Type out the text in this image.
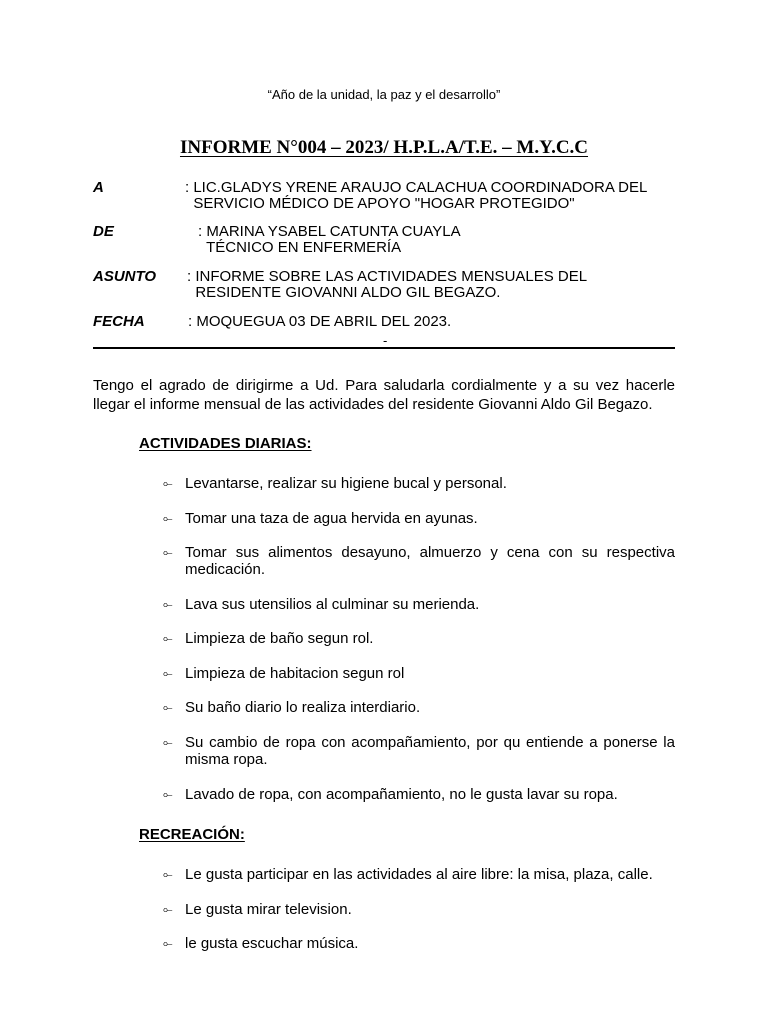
“Año de la unidad, la paz y el desarrollo”
INFORME N°004 – 2023/ H.P.L.A/T.E. – M.Y.C.C
A	: LIC.GLADYS YRENE ARAUJO CALACHUA COORDINADORA DEL
SERVICIO MÉDICO DE APOYO "HOGAR PROTEGIDO"
DE	: MARINA YSABEL CATUNTA CUAYLA
TÉCNICO EN ENFERMERÍA
ASUNTO : INFORME SOBRE LAS ACTIVIDADES MENSUALES DEL
RESIDENTE GIOVANNI ALDO GIL BEGAZO.
FECHA	: MOQUEGUA 03 DE ABRIL DEL 2023.
-
Tengo el agrado de dirigirme a Ud. Para saludarla cordialmente y a su vez hacerle llegar el informe mensual de las actividades del residente Giovanni Aldo Gil Begazo.
ACTIVIDADES DIARIAS:
⟜ Levantarse, realizar su higiene bucal y personal.
⟜ Tomar una taza de agua hervida en ayunas.
⟜ Tomar sus alimentos desayuno, almuerzo y cena con su respectiva medicación.
⟜ Lava sus utensilios al culminar su merienda.
⟜ Limpieza de baño segun rol.
⟜ Limpieza de habitacion segun rol
⟜ Su baño diario lo realiza interdiario.
⟜ Su cambio de ropa con acompañamiento, por qu entiende a ponerse la misma ropa.
⟜ Lavado de ropa, con acompañamiento, no le gusta lavar su ropa.
RECREACIÓN:
⟜ Le gusta participar en las actividades al aire libre: la misa, plaza, calle.
⟜ Le gusta mirar television.
⟜ le gusta escuchar música.
